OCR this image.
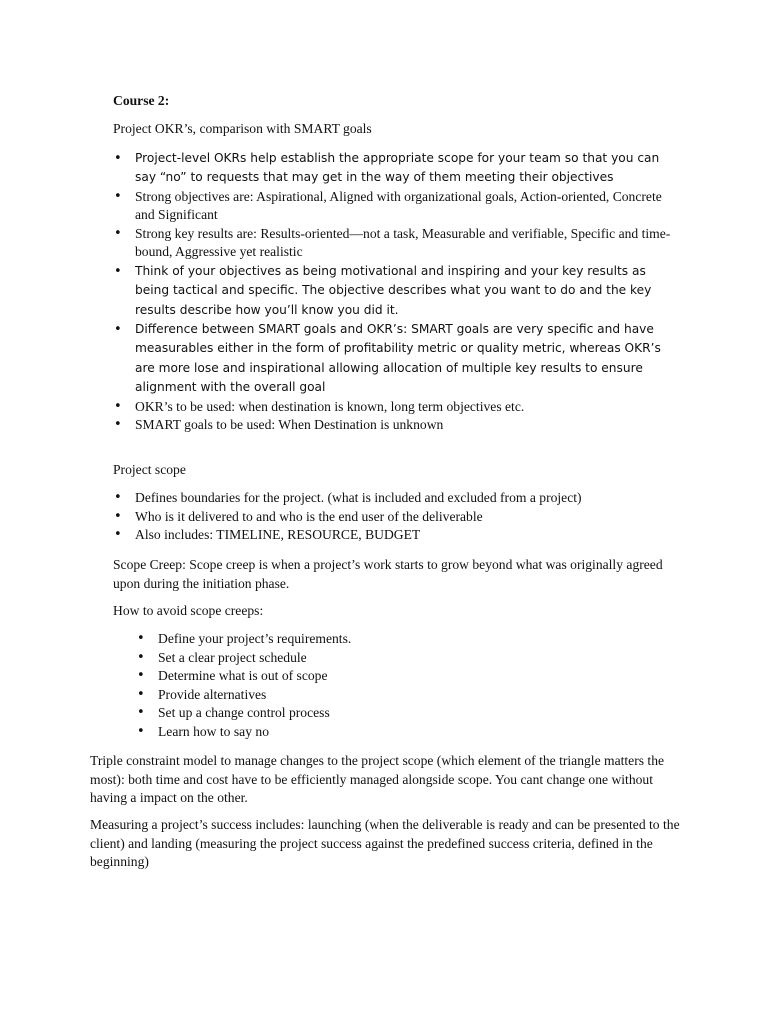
Course 2:
Project OKR’s, comparison with SMART goals
• Project-level OKRs help establish the appropriate scope for your team so that you can say “no” to requests that may get in the way of them meeting their objectives
• Strong objectives are: Aspirational, Aligned with organizational goals, Action-oriented, Concrete and Significant
• Strong key results are: Results-oriented—not a task, Measurable and verifiable, Specific and time-bound, Aggressive yet realistic
• Think of your objectives as being motivational and inspiring and your key results as being tactical and specific. The objective describes what you want to do and the key results describe how you’ll know you did it.
• Difference between SMART goals and OKR’s: SMART goals are very specific and have measurables either in the form of profitability metric or quality metric, whereas OKR’s are more lose and inspirational allowing allocation of multiple key results to ensure alignment with the overall goal
• OKR’s to be used: when destination is known, long term objectives etc.
• SMART goals to be used: When Destination is unknown
Project scope
• Defines boundaries for the project. (what is included and excluded from a project)
• Who is it delivered to and who is the end user of the deliverable
• Also includes: TIMELINE, RESOURCE, BUDGET
Scope Creep: Scope creep is when a project’s work starts to grow beyond what was originally agreed upon during the initiation phase.
How to avoid scope creeps:
• Define your project’s requirements.
• Set a clear project schedule
• Determine what is out of scope
• Provide alternatives
• Set up a change control process
• Learn how to say no
Triple constraint model to manage changes to the project scope (which element of the triangle matters the most): both time and cost have to be efficiently managed alongside scope. You cant change one without having a impact on the other.
Measuring a project’s success includes: launching (when the deliverable is ready and can be presented to the client) and landing (measuring the project success against the predefined success criteria, defined in the beginning)
